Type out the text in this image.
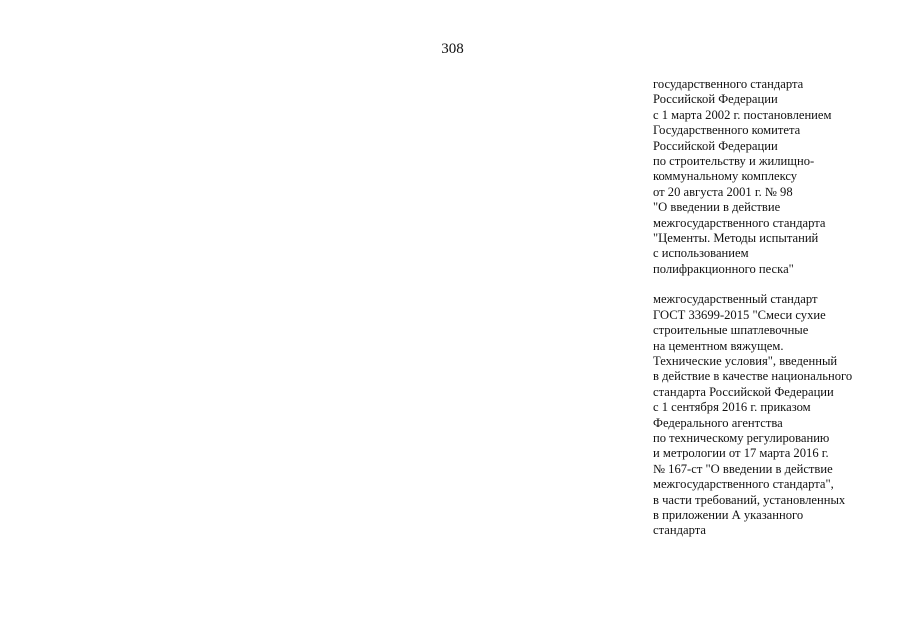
308
государственного стандарта
Российской Федерации
с 1 марта 2002 г. постановлением
Государственного комитета
Российской Федерации
по строительству и жилищно-
коммунальному комплексу
от 20 августа 2001 г. № 98
"О введении в действие
межгосударственного стандарта
"Цементы. Методы испытаний
с использованием
полифракционного песка"
межгосударственный стандарт
ГОСТ 33699-2015 "Смеси сухие
строительные шпатлевочные
на цементном вяжущем.
Технические условия", введенный
в действие в качестве национального
стандарта Российской Федерации
с 1 сентября 2016 г. приказом
Федерального агентства
по техническому регулированию
и метрологии от 17 марта 2016 г.
№ 167-ст "О введении в действие
межгосударственного стандарта",
в части требований, установленных
в приложении А указанного
стандарта
